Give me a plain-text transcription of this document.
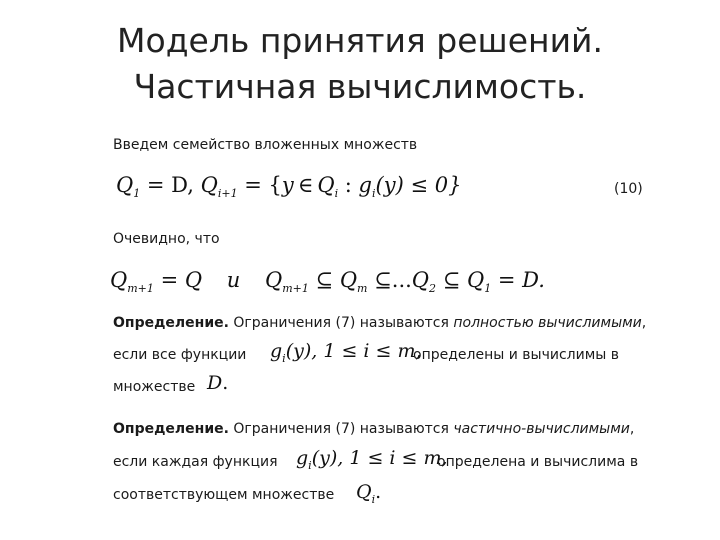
Модель принятия решений.
Частичная вычислимость.
Введем семейство вложенных множеств
$Q_1 = D$, $Q_{i+1} = \{y$ ∈ $Q_i$ : $g_i(y) \le 0$}	(10)
Очевидно, что
$Q_{m+1} = Q$ u $Q_{m+1}$ ⊆ $Q_m$ $⊆...Q_2$ ⊆ $Q_1 = D$.
Определение. Ограничения (7) называются полностью вычислимыми,
если все функции $g_i(y)$, 1 ≤ i ≤ m,
определены и вычислимы в
множестве D.
Определение. Ограничения (7) называются частично-вычислимыми,
если каждая функция $g_i(y)$, 1 ≤ i ≤ m,
определена и вычислима в
соответствующем множестве $Q_i$.
